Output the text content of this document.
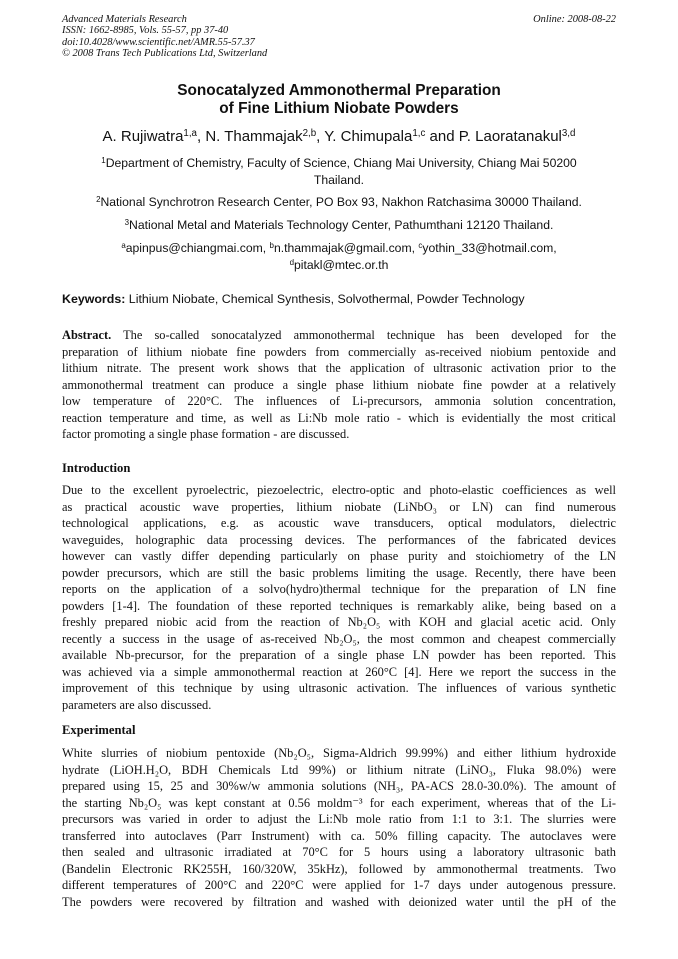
Advanced Materials Research
ISSN: 1662-8985, Vols. 55-57, pp 37-40
doi:10.4028/www.scientific.net/AMR.55-57.37
© 2008 Trans Tech Publications Ltd, Switzerland
Online: 2008-08-22
Sonocatalyzed Ammonothermal Preparation
of Fine Lithium Niobate Powders
A. Rujiwatra$^{1,a}$, N. Thammajak$^{2,b}$, Y. Chimupala$^{1,c}$ and P. Laoratanakul$^{3,d}$
$^1$Department of Chemistry, Faculty of Science, Chiang Mai University, Chiang Mai 50200
Thailand.
$^2$National Synchrotron Research Center, PO Box 93, Nakhon Ratchasima 30000 Thailand.
$^3$National Metal and Materials Technology Center, Pathumthani 12120 Thailand.
$^a$apinpus@chiangmai.com, $^b$n.thammajak@gmail.com, $^c$yothin_33@hotmail.com,
$^d$pitakl@mtec.or.th
Keywords: Lithium Niobate, Chemical Synthesis, Solvothermal, Powder Technology
Abstract. The so-called sonocatalyzed ammonothermal technique has been developed for the
preparation of lithium niobate fine powders from commercially as-received niobium pentoxide and
lithium nitrate. The present work shows that the application of ultrasonic activation prior to the
ammonothermal treatment can produce a single phase lithium niobate fine powder at a relatively
low temperature of 220°C. The influences of Li-precursors, ammonia solution concentration,
reaction temperature and time, as well as Li:Nb mole ratio - which is evidentially the most critical
factor promoting a single phase formation - are discussed.
Introduction
Due to the excellent pyroelectric, piezoelectric, electro-optic and photo-elastic coefficiences as well
as practical acoustic wave properties, lithium niobate (LiNbO₃ or LN) can find numerous
technological applications, e.g. as acoustic wave transducers, optical modulators, dielectric
waveguides, holographic data processing devices. The performances of the fabricated devices
however can vastly differ depending particularly on phase purity and stoichiometry of the LN
powder precursors, which are still the basic problems limiting the usage. Recently, there have been
reports on the application of a solvo(hydro)thermal technique for the preparation of LN fine
powders [1-4]. The foundation of these reported techniques is remarkably alike, being based on a
freshly prepared niobic acid from the reaction of Nb₂O₅ with KOH and glacial acetic acid. Only
recently a success in the usage of as-received Nb₂O₅, the most common and cheapest commercially
available Nb-precursor, for the preparation of a single phase LN powder has been reported. This
was achieved via a simple ammonothermal reaction at 260°C [4]. Here we report the success in the
improvement of this technique by using ultrasonic activation. The influences of various synthetic
parameters are also discussed.
Experimental
White slurries of niobium pentoxide (Nb₂O₅, Sigma-Aldrich 99.99%) and either lithium hydroxide
hydrate (LiOH.H₂O, BDH Chemicals Ltd 99%) or lithium nitrate (LiNO₃, Fluka 98.0%) were
prepared using 15, 25 and 30%w/w ammonia solutions (NH₃, PA-ACS 28.0-30.0%). The amount of
the starting Nb₂O₅ was kept constant at 0.56 moldm⁻³ for each experiment, whereas that of the Li-
precursors was varied in order to adjust the Li:Nb mole ratio from 1:1 to 3:1. The slurries were
transferred into autoclaves (Parr Instrument) with ca. 50% filling capacity. The autoclaves were
then sealed and ultrasonic irradiated at 70°C for 5 hours using a laboratory ultrasonic bath
(Bandelin Electronic RK255H, 160/320W, 35kHz), followed by ammonothermal treatments. Two
different temperatures of 200°C and 220°C were applied for 1-7 days under autogenous pressure.
The powders were recovered by filtration and washed with deionized water until the pH of the
